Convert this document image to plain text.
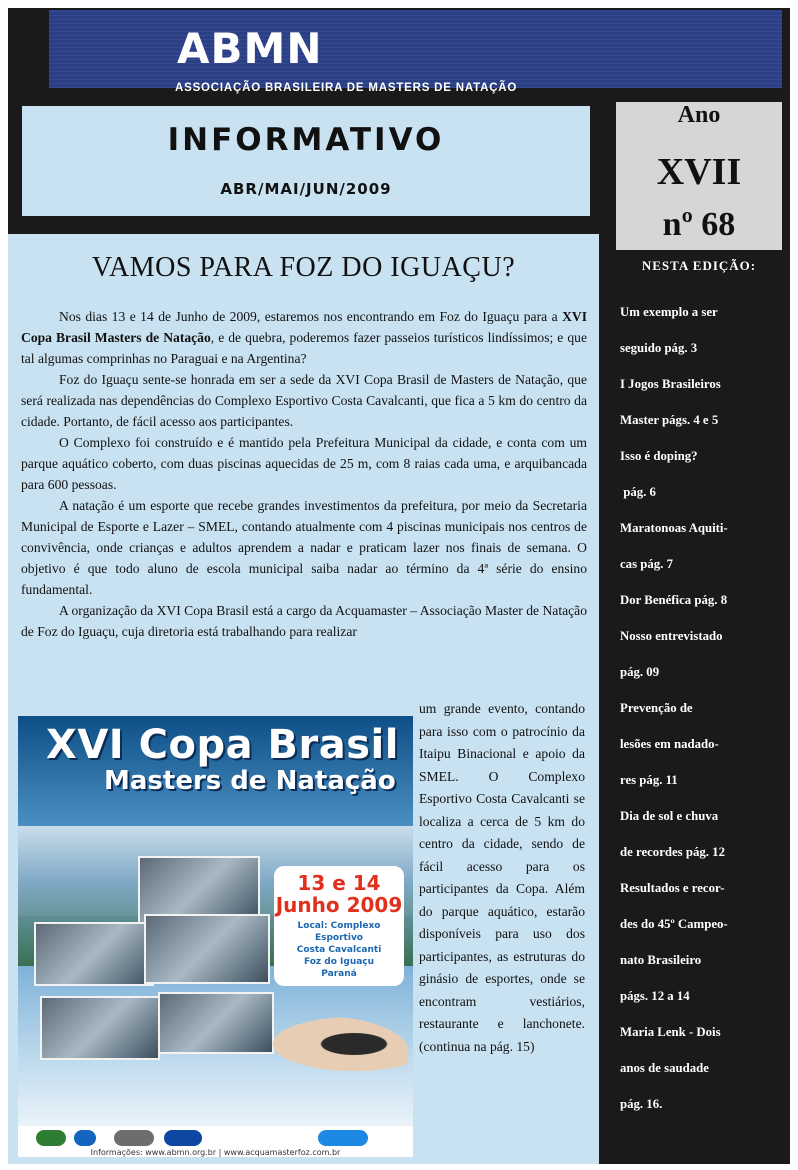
ABMN
ASSOCIAÇÃO BRASILEIRA DE MASTERS DE NATAÇÃO
INFORMATIVO
ABR/MAI/JUN/2009
Ano
XVII
nº 68
VAMOS PARA FOZ DO IGUAÇU?

Nos dias 13 e 14 de Junho de 2009, estaremos nos encontrando em Foz do Iguaçu para a XVI Copa Brasil Masters de Natação, e de quebra, poderemos fazer passeios turísticos lindíssimos; e que tal algumas comprinhas no Paraguai e na Argentina?

Foz do Iguaçu sente-se honrada em ser a sede da XVI Copa Brasil de Masters de Natação, que será realizada nas dependências do Complexo Esportivo Costa Cavalcanti, que fica a 5 km do centro da cidade. Portanto, de fácil acesso aos participantes.

O Complexo foi construído e é mantido pela Prefeitura Municipal da cidade, e conta com um parque aquático coberto, com duas piscinas aquecidas de 25 m, com 8 raias cada uma, e arquibancada para 600 pessoas.

A natação é um esporte que recebe grandes investimentos da prefeitura, por meio da Secretaria Municipal de Esporte e Lazer – SMEL, contando atualmente com 4 piscinas municipais nos centros de convivência, onde crianças e adultos aprendem a nadar e praticam lazer nos finais de semana. O objetivo é que todo aluno de escola municipal saiba nadar ao término da 4ª série do ensino fundamental.

A organização da XVI Copa Brasil está a cargo da Acquamaster – Associação Master de Natação de Foz do Iguaçu, cuja diretoria está trabalhando para realizar

XVI Copa Brasil
Masters de Natação
13 e 14
Junho 2009
Local: Complexo
Esportivo
Costa Cavalcanti
Foz do Iguaçu
Paraná
Informações: www.abmn.org.br | www.acquamasterfoz.com.br
um grande evento, contando para isso com o patrocínio da Itaipu Binacional e apoio da SMEL. O Complexo Esportivo Costa Cavalcanti se localiza a cerca de 5 km do centro da cidade, sendo de fácil acesso para os participantes da Copa. Além do parque aquático, estarão disponíveis para uso dos participantes, as estruturas do ginásio de esportes, onde se encontram vestiários, restaurante e lanchonete. (continua na pág. 15)
NESTA EDIÇÃO:
Um exemplo a ser
seguido pág. 3
I Jogos Brasileiros
Master págs. 4 e 5
Isso é doping?
pág. 6
Maratonoas Aquiti-
cas pág. 7
Dor Benéfica pág. 8
Nosso entrevistado
pág. 09
Prevenção de
lesões em nadado-
res pág. 11
Dia de sol e chuva
de recordes pág. 12
Resultados e recor-
des do 45º Campeo-
nato Brasileiro
págs. 12 a 14
Maria Lenk - Dois
anos de saudade
pág. 16.
